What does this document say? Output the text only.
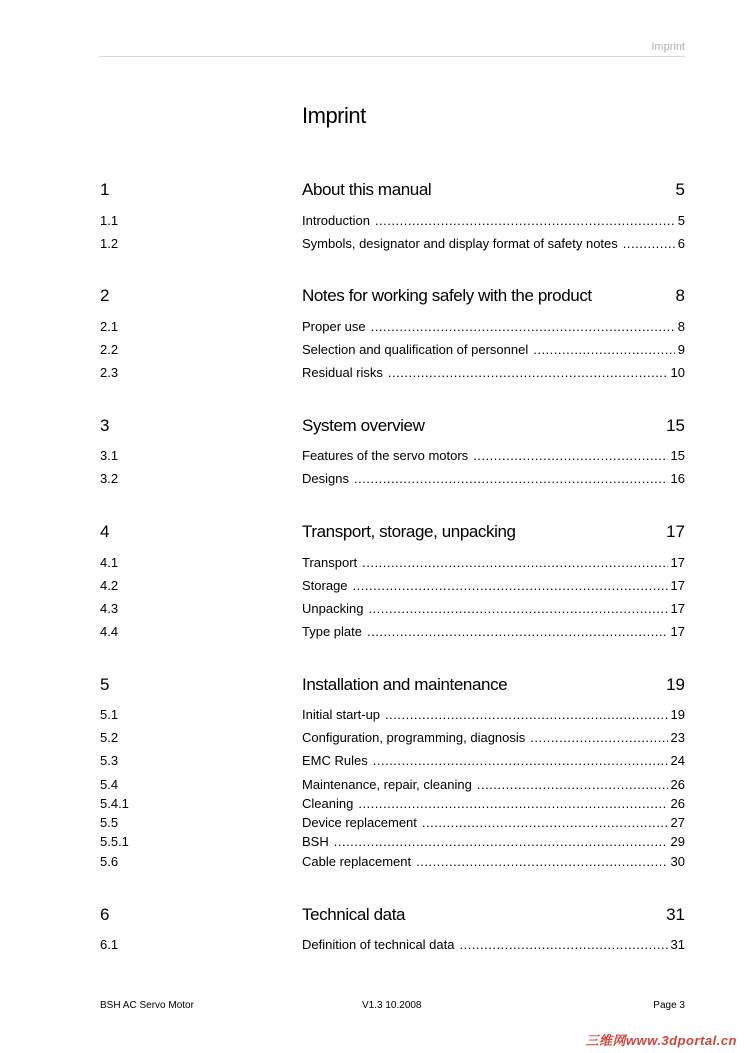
Imprint
Imprint
1	About this manual	5
1.1	Introduction .....	5
1.2	Symbols, designator and display format of safety notes .....	6
2	Notes for working safely with the product	8
2.1	Proper use .....	8
2.2	Selection and qualification of personnel .....	9
2.3	Residual risks .....	10
3	System overview	15
3.1	Features of the servo motors .....	15
3.2	Designs .....	16
4	Transport, storage, unpacking	17
4.1	Transport .....	17
4.2	Storage .....	17
4.3	Unpacking .....	17
4.4	Type plate .....	17
5	Installation and maintenance	19
5.1	Initial start-up .....	19
5.2	Configuration, programming, diagnosis .....	23
5.3	EMC Rules .....	24
5.4	Maintenance, repair, cleaning .....	26
5.4.1	Cleaning .....	26
5.5	Device replacement .....	27
5.5.1	BSH .....	29
5.6	Cable replacement .....	30
6	Technical data	31
6.1	Definition of technical data .....	31
BSH AC Servo Motor	V1.3 10.2008	Page 3
三维网www.3dportal.cn
